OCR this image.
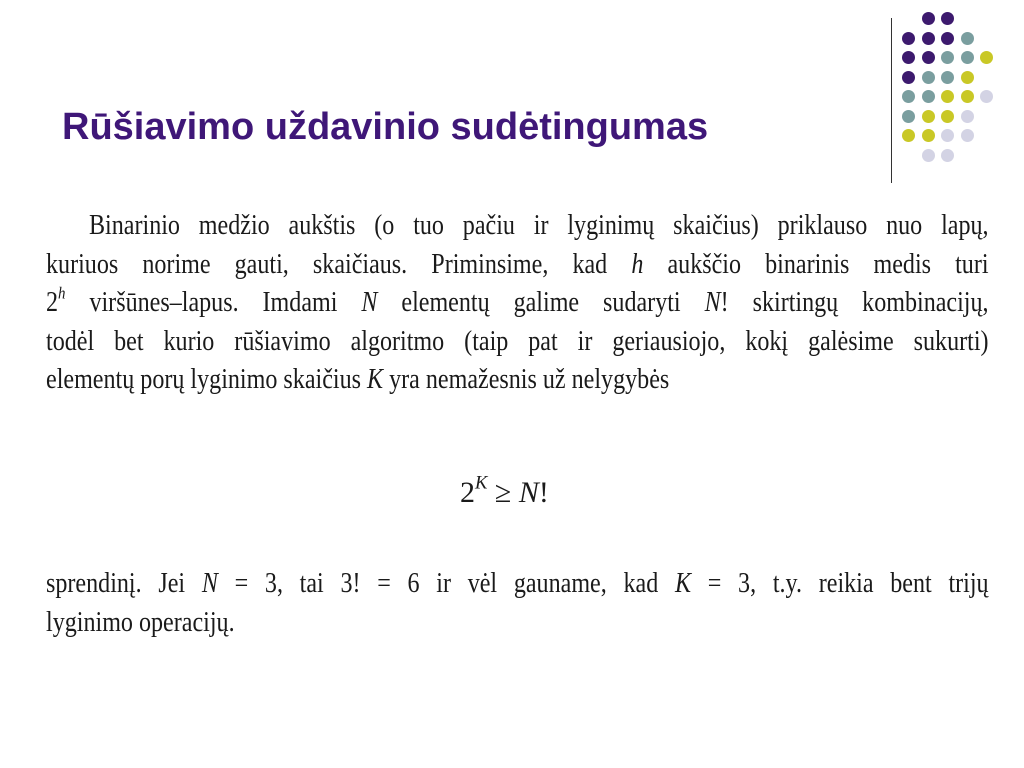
Rūšiavimo uždavinio sudėtingumas
Binarinio medžio aukštis (o tuo pačiu ir lyginimų skaičius) priklauso nuo lapų,
kuriuos norime gauti, skaičiaus. Priminsime, kad h aukščio binarinis medis turi
2$^h$ viršūnes–lapus. Imdami N elementų galime sudaryti N! skirtingų kombinacijų,
todėl bet kurio rūšiavimo algoritmo (taip pat ir geriausiojo, kokį galėsime sukurti)
elementų porų lyginimo skaičius K yra nemažesnis už nelygybės
$2^K \ge N$!
sprendinį. Jei N = 3, tai 3! = 6 ir vėl gauname, kad K = 3, t.y. reikia bent trijų
lyginimo operacijų.
